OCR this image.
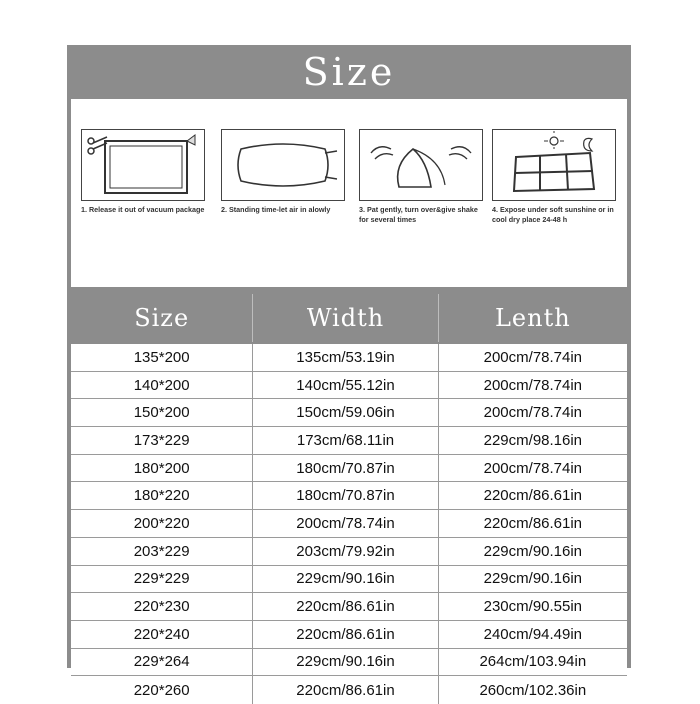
Size
1. Release it out of vacuum package 2. Standing time-let air in alowly	3. Pat gently, turn over&give shake for several times
4. Expose under soft sunshine or in cool dry place 24-48 h
Size	Width	Lenth
135*200	135cm/53.19in	200cm/78.74in
140*200	140cm/55.12in	200cm/78.74in
150*200	150cm/59.06in	200cm/78.74in
173*229	173cm/68.11in	229cm/98.16in
180*200	180cm/70.87in	200cm/78.74in
180*220	180cm/70.87in	220cm/86.61in
200*220	200cm/78.74in	220cm/86.61in
203*229	203cm/79.92in	229cm/90.16in
229*229	229cm/90.16in	229cm/90.16in
220*230	220cm/86.61in	230cm/90.55in
220*240	220cm/86.61in	240cm/94.49in
229*264	229cm/90.16in	264cm/103.94in
220*260	220cm/86.61in	260cm/102.36in
